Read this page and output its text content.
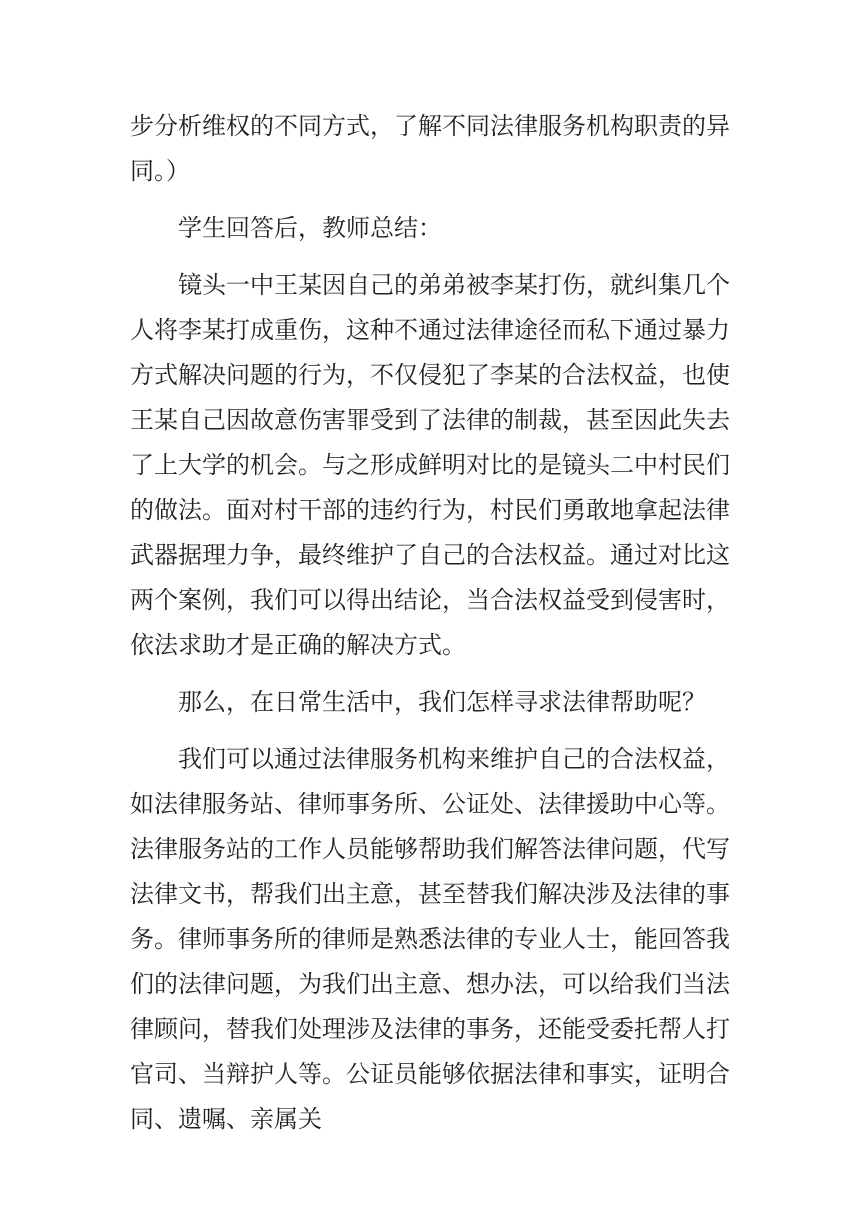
步分析维权的不同方式，了解不同法律服务机构职责的异同。）

学生回答后，教师总结：

镜头一中王某因自己的弟弟被李某打伤，就纠集几个人将李某打成重伤，这种不通过法律途径而私下通过暴力方式解决问题的行为，不仅侵犯了李某的合法权益，也使王某自己因故意伤害罪受到了法律的制裁，甚至因此失去了上大学的机会。与之形成鲜明对比的是镜头二中村民们的做法。面对村干部的违约行为，村民们勇敢地拿起法律武器据理力争，最终维护了自己的合法权益。通过对比这两个案例，我们可以得出结论，当合法权益受到侵害时，依法求助才是正确的解决方式。

那么，在日常生活中，我们怎样寻求法律帮助呢？

我们可以通过法律服务机构来维护自己的合法权益，如法律服务站、律师事务所、公证处、法律援助中心等。法律服务站的工作人员能够帮助我们解答法律问题，代写法律文书，帮我们出主意，甚至替我们解决涉及法律的事务。律师事务所的律师是熟悉法律的专业人士，能回答我们的法律问题，为我们出主意、想办法，可以给我们当法律顾问，替我们处理涉及法律的事务，还能受委托帮人打官司、当辩护人等。公证员能够依据法律和事实，证明合同、遗嘱、亲属关
